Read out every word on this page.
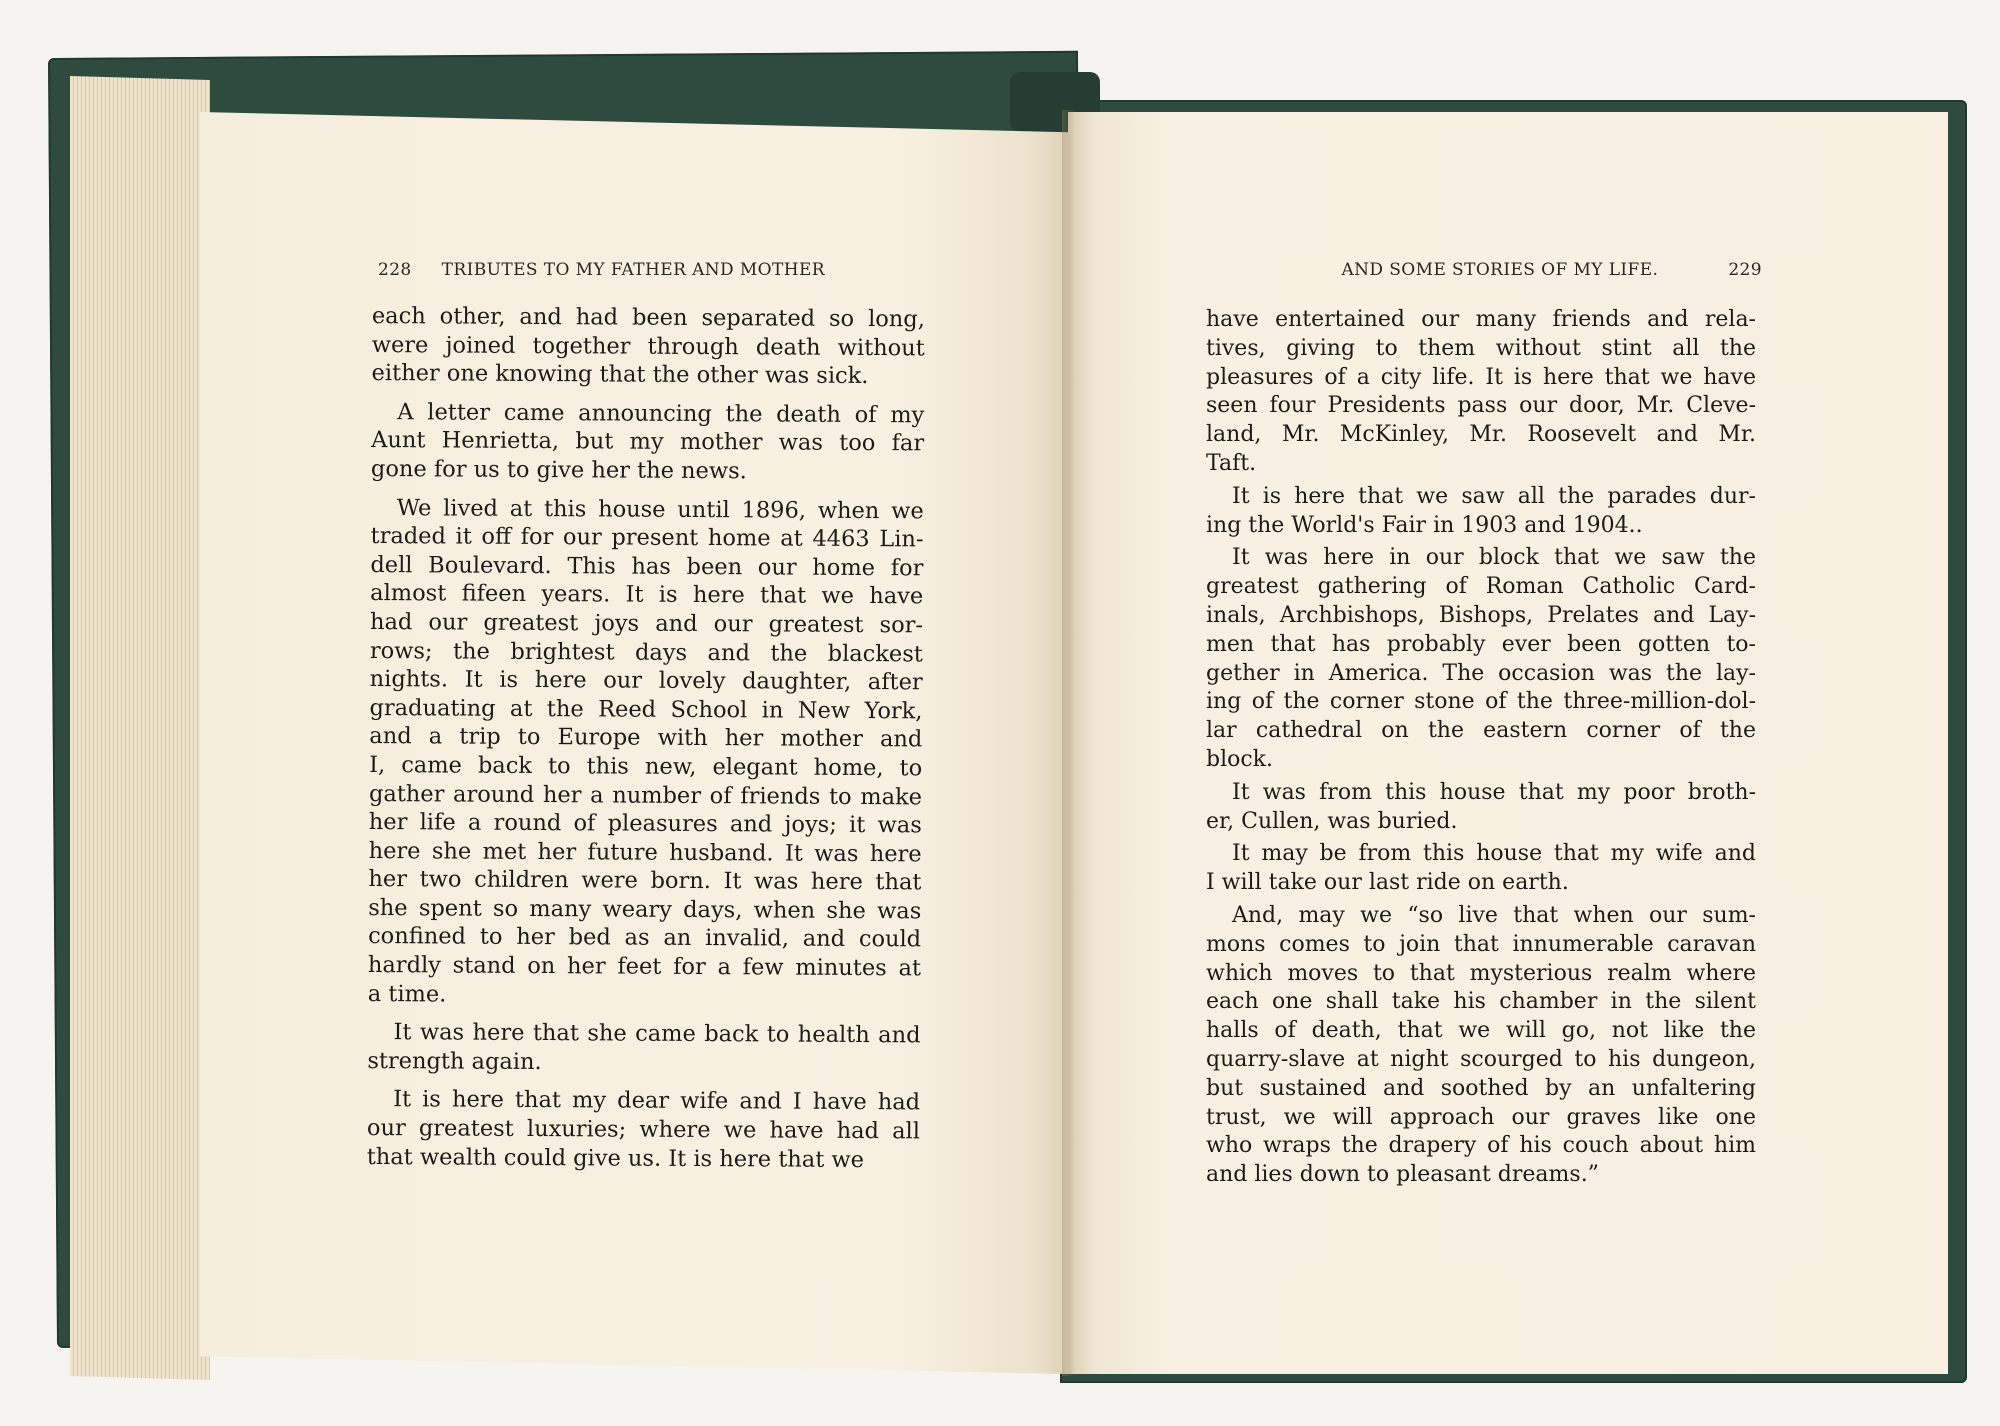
228 TRIBUTES TO MY FATHER AND MOTHER	AND SOME STORIES OF MY LIFE.	229
each other, and had been separated so long,
were joined together through death without
either one knowing that the other was sick.
A letter came announcing the death of my
Aunt Henrietta, but my mother was too far
gone for us to give her the news.
We lived at this house until 1896, when we
traded it off for our present home at 4463 Lin-
dell Boulevard. This has been our home for
almost fifeen years. It is here that we have
had our greatest joys and our greatest sor-
rows; the brightest days and the blackest
nights. It is here our lovely daughter, after
graduating at the Reed School in New York,
and a trip to Europe with her mother and
I, came back to this new, elegant home, to
gather around her a number of friends to make
her life a round of pleasures and joys; it was
here she met her future husband. It was here
her two children were born. It was here that
she spent so many weary days, when she was
confined to her bed as an invalid, and could
hardly stand on her feet for a few minutes at
a time.
It was here that she came back to health and
strength again.
It is here that my dear wife and I have had
our greatest luxuries; where we have had all
that wealth could give us. It is here that we
have entertained our many friends and rela-
tives, giving to them without stint all the
pleasures of a city life. It is here that we have
seen four Presidents pass our door, Mr. Cleve-
land, Mr. McKinley, Mr. Roosevelt and Mr.
Taft.
It is here that we saw all the parades dur-
ing the World's Fair in 1903 and 1904..
It was here in our block that we saw the
greatest gathering of Roman Catholic Card-
inals, Archbishops, Bishops, Prelates and Lay-
men that has probably ever been gotten to-
gether in America. The occasion was the lay-
ing of the corner stone of the three-million-dol-
lar cathedral on the eastern corner of the
block.
It was from this house that my poor broth-
er, Cullen, was buried.
It may be from this house that my wife and
I will take our last ride on earth.
And, may we “so live that when our sum-
mons comes to join that innumerable caravan
which moves to that mysterious realm where
each one shall take his chamber in the silent
halls of death, that we will go, not like the
quarry-slave at night scourged to his dungeon,
but sustained and soothed by an unfaltering
trust, we will approach our graves like one
who wraps the drapery of his couch about him
and lies down to pleasant dreams.”
